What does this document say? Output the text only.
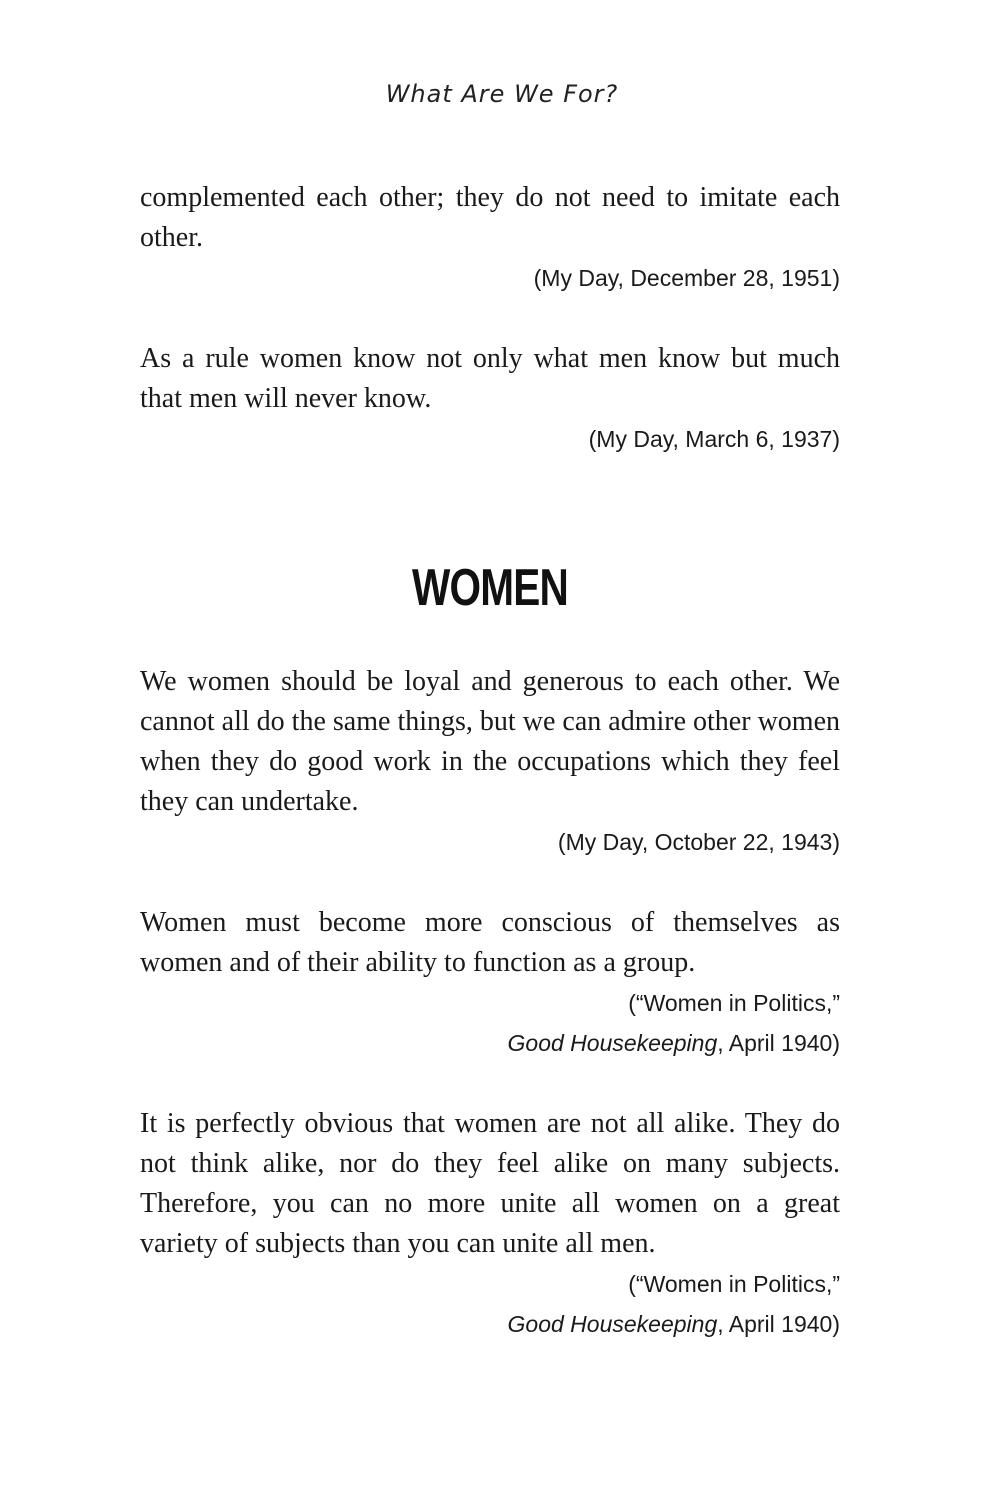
What Are We For?

complemented each other; they do not need to imitate each other.

(My Day, December 28, 1951)

As a rule women know not only what men know but much that men will never know.

(My Day, March 6, 1937)
WOMEN

We women should be loyal and generous to each other. We cannot all do the same things, but we can admire other women when they do good work in the occupations which they feel they can undertake.

(My Day, October 22, 1943)

Women must become more conscious of themselves as women and of their ability to function as a group.

(“Women in Politics,”
Good Housekeeping, April 1940)

It is perfectly obvious that women are not all alike. They do not think alike, nor do they feel alike on many subjects. Therefore, you can no more unite all women on a great variety of subjects than you can unite all men.

(“Women in Politics,”
Good Housekeeping, April 1940)
